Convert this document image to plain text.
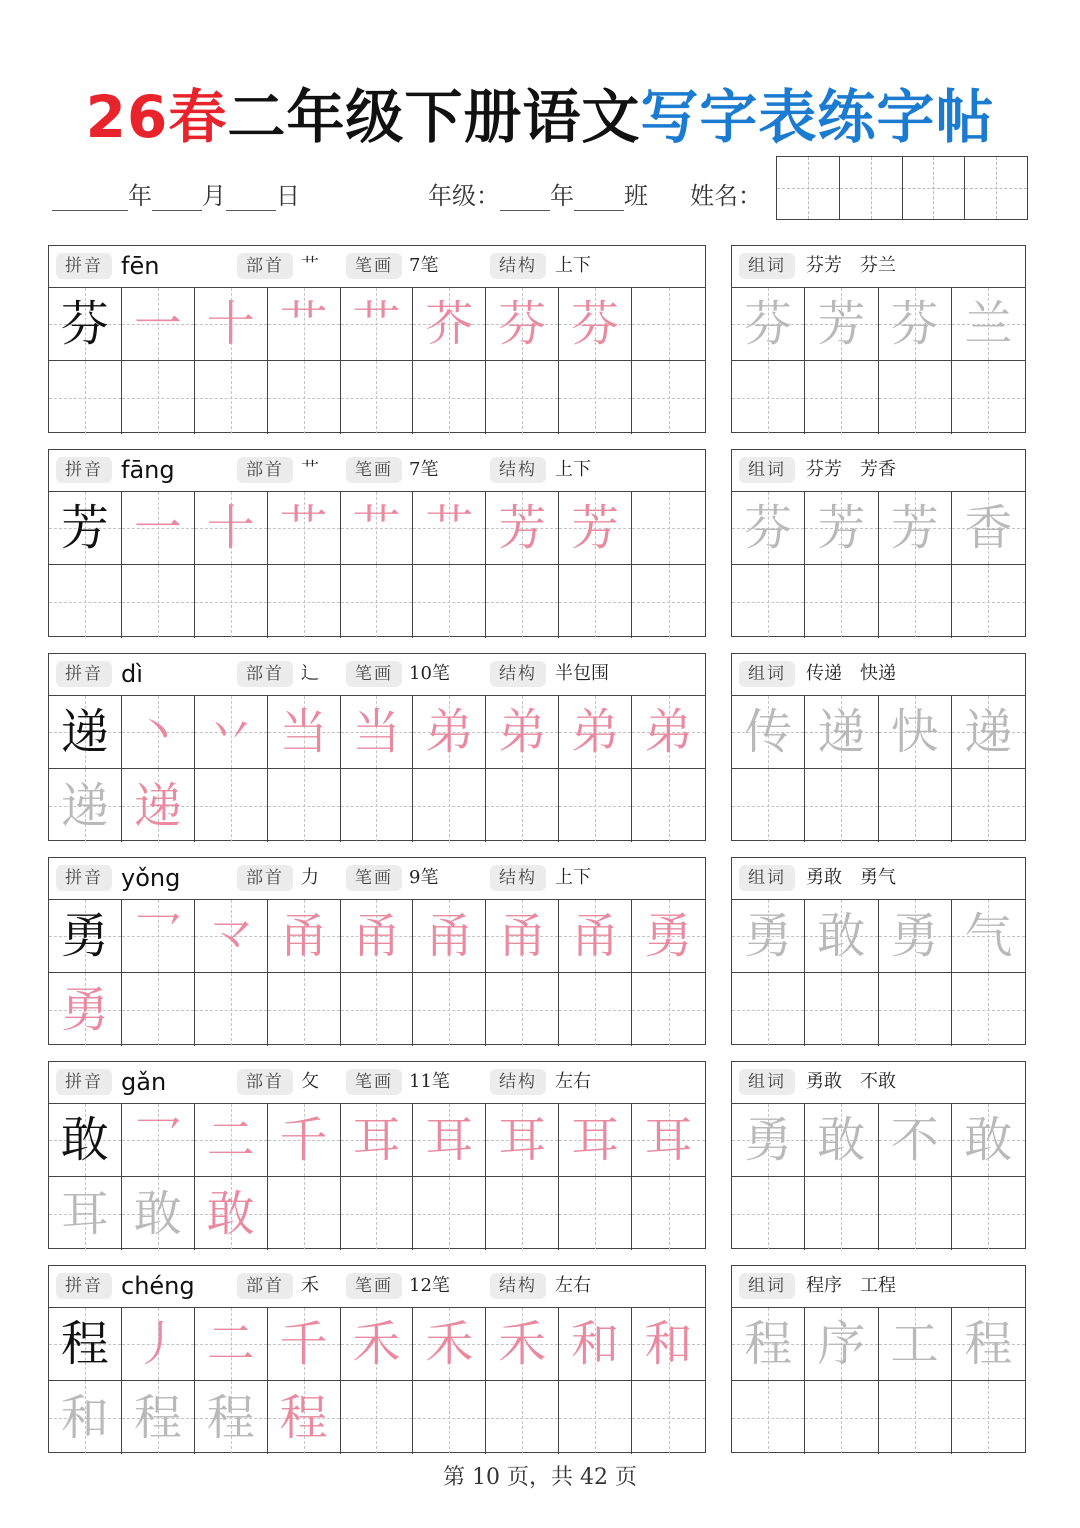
26春二年级下册语文写字表练字帖
年 月 日	年级： 年 班 姓名：
拼音 fēn	部首 艹	笔画 7笔	结构	上下
芬 一 十 艹 艹 芥 芬 芬
组词	芬芳　芬兰
芬 芳 芬 兰
拼音 fāng	部首 艹	笔画 7笔	结构	上下
芳 一 十 艹 艹 艹 芳 芳
组词	芬芳　芳香
芬 芳 芳 香
拼音 dì	部首 辶	笔画 10笔	结构	半包围
递 丶 丷 当 当 弟 弟 弟 弟
递 递
组词	传递　快递
传 递 快 递
拼音 yǒng	部首 力	笔画 9笔	结构	上下
勇 乛 龴 甬 甬 甬 甬 甬 勇
勇
组词	勇敢　勇气
勇 敢 勇 气
拼音 gǎn	部首 攵	笔画 11笔	结构	左右
敢 乛 二 千 耳 耳 耳 耳 耳
耳 敢 敢
组词	勇敢　不敢
勇 敢 不 敢
拼音 chéng	部首 禾	笔画 12笔	结构	左右
程 丿 二 千 禾 禾 禾 和 和
和 程 程 程
组词	程序　工程
程 序 工 程
第 10 页，共 42 页
